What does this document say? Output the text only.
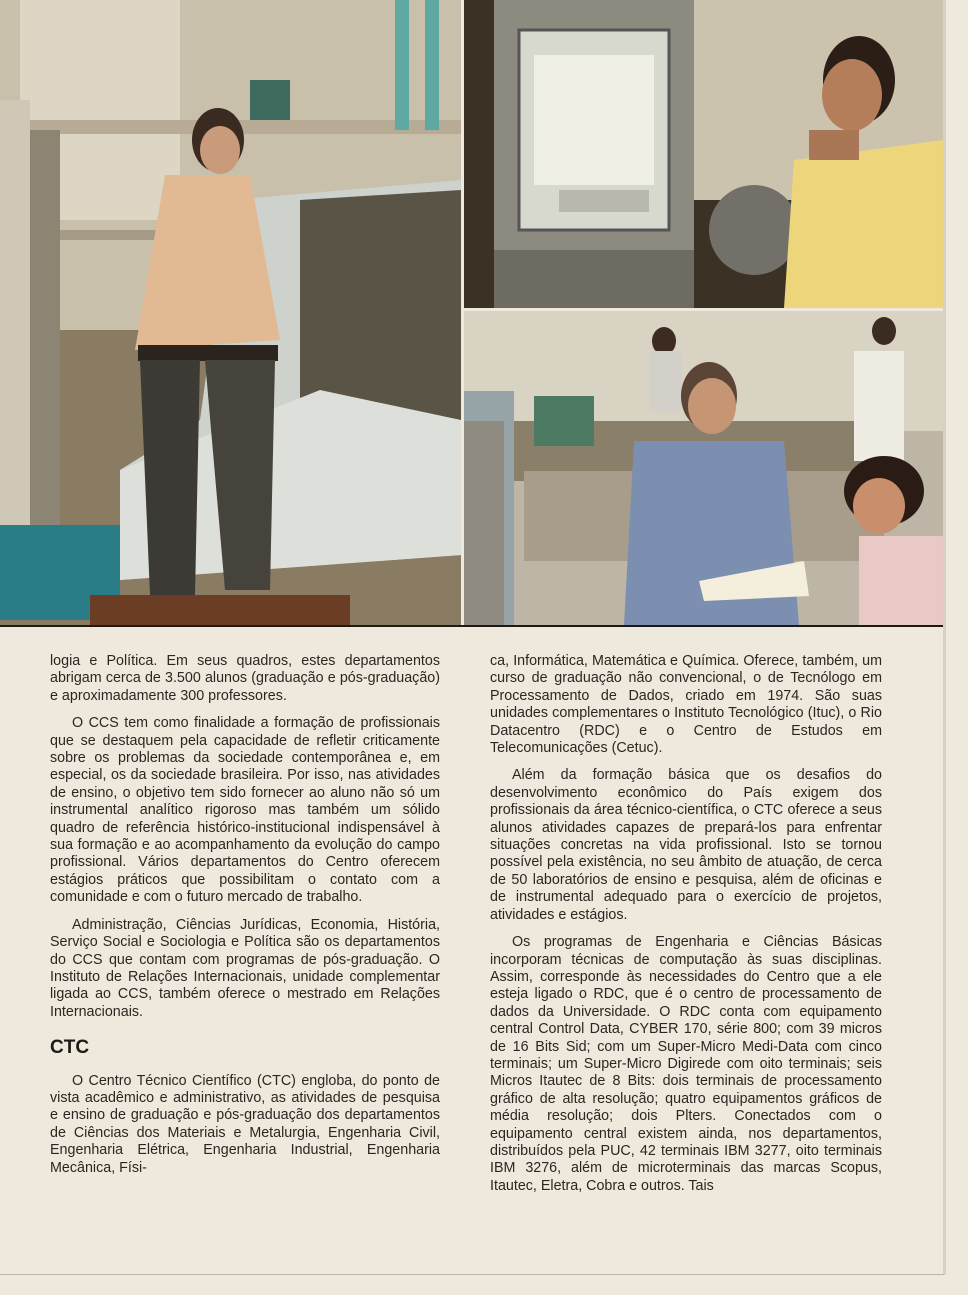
logia e Política. Em seus quadros, estes departamentos abrigam cerca de 3.500 alunos (graduação e pós-graduação) e aproximadamente 300 professores.

O CCS tem como finalidade a formação de profissionais que se destaquem pela capacidade de refletir criticamente sobre os problemas da sociedade contemporânea e, em especial, os da sociedade brasileira. Por isso, nas atividades de ensino, o objetivo tem sido fornecer ao aluno não só um instrumental analítico rigoroso mas também um sólido quadro de referência histórico-institucional indispensável à sua formação e ao acompanhamento da evolução do campo profissional. Vários departamentos do Centro oferecem estágios práticos que possibilitam o contato com a comunidade e com o futuro mercado de trabalho.

Administração, Ciências Jurídicas, Economia, História, Serviço Social e Sociologia e Política são os departamentos do CCS que contam com programas de pós-graduação. O Instituto de Relações Internacionais, unidade complementar ligada ao CCS, também oferece o mestrado em Relações Internacionais.

CTC

O Centro Técnico Científico (CTC) engloba, do ponto de vista acadêmico e administrativo, as atividades de pesquisa e ensino de graduação e pós-graduação dos departamentos de Ciências dos Materiais e Metalurgia, Engenharia Civil, Engenharia Elétrica, Engenharia Industrial, Engenharia Mecânica, Físi-

ca, Informática, Matemática e Química. Oferece, também, um curso de graduação não convencional, o de Tecnólogo em Processamento de Dados, criado em 1974. São suas unidades complementares o Instituto Tecnológico (Ituc), o Rio Datacentro (RDC) e o Centro de Estudos em Telecomunicações (Cetuc).

Além da formação básica que os desafios do desenvolvimento econômico do País exigem dos profissionais da área técnico-científica, o CTC oferece a seus alunos atividades capazes de prepará-los para enfrentar situações concretas na vida profissional. Isto se tornou possível pela existência, no seu âmbito de atuação, de cerca de 50 laboratórios de ensino e pesquisa, além de oficinas e de instrumental adequado para o exercício de projetos, atividades e estágios.

Os programas de Engenharia e Ciências Básicas incorporam técnicas de computação às suas disciplinas. Assim, corresponde às necessidades do Centro que a ele esteja ligado o RDC, que é o centro de processamento de dados da Universidade. O RDC conta com equipamento central Control Data, CYBER 170, série 800; com 39 micros de 16 Bits Sid; com um Super-Micro Medi-Data com cinco terminais; um Super-Micro Digirede com oito terminais; seis Micros Itautec de 8 Bits: dois terminais de processamento gráfico de alta resolução; quatro equipamentos gráficos de média resolução; dois Plters. Conectados com o equipamento central existem ainda, nos departamentos, distribuídos pela PUC, 42 terminais IBM 3277, oito terminais IBM 3276, além de microterminais das marcas Scopus, Itautec, Eletra, Cobra e outros. Tais
